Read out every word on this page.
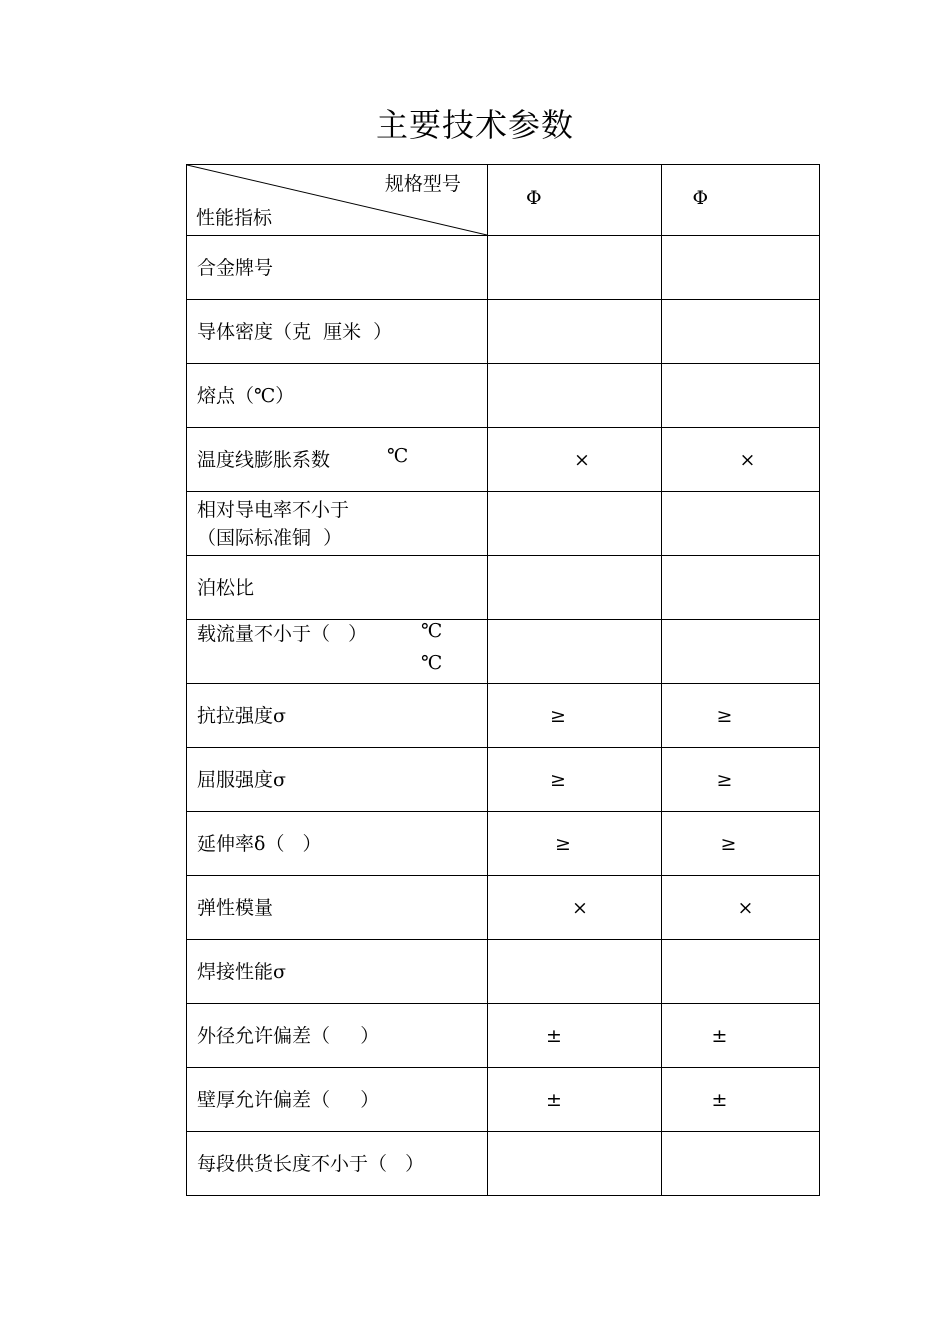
主要技术参数
规格型号
性能指标	Φ	Φ

合金牌号		

导体密度（克  厘米  ）		

熔点（℃）		

温度线膨胀系数 ℃	×	×

相对导电率不小于
（国际标准铜  ）		

泊松比		

载流量不小于（   ） ℃
℃		

抗拉强度σ	≥	≥

屈服强度σ	≥	≥

延伸率δ（   ）	≥	≥

弹性模量	×	×

焊接性能σ		

外径允许偏差（     ）	±	±

壁厚允许偏差（     ）	±	±

每段供货长度不小于（   ）		
